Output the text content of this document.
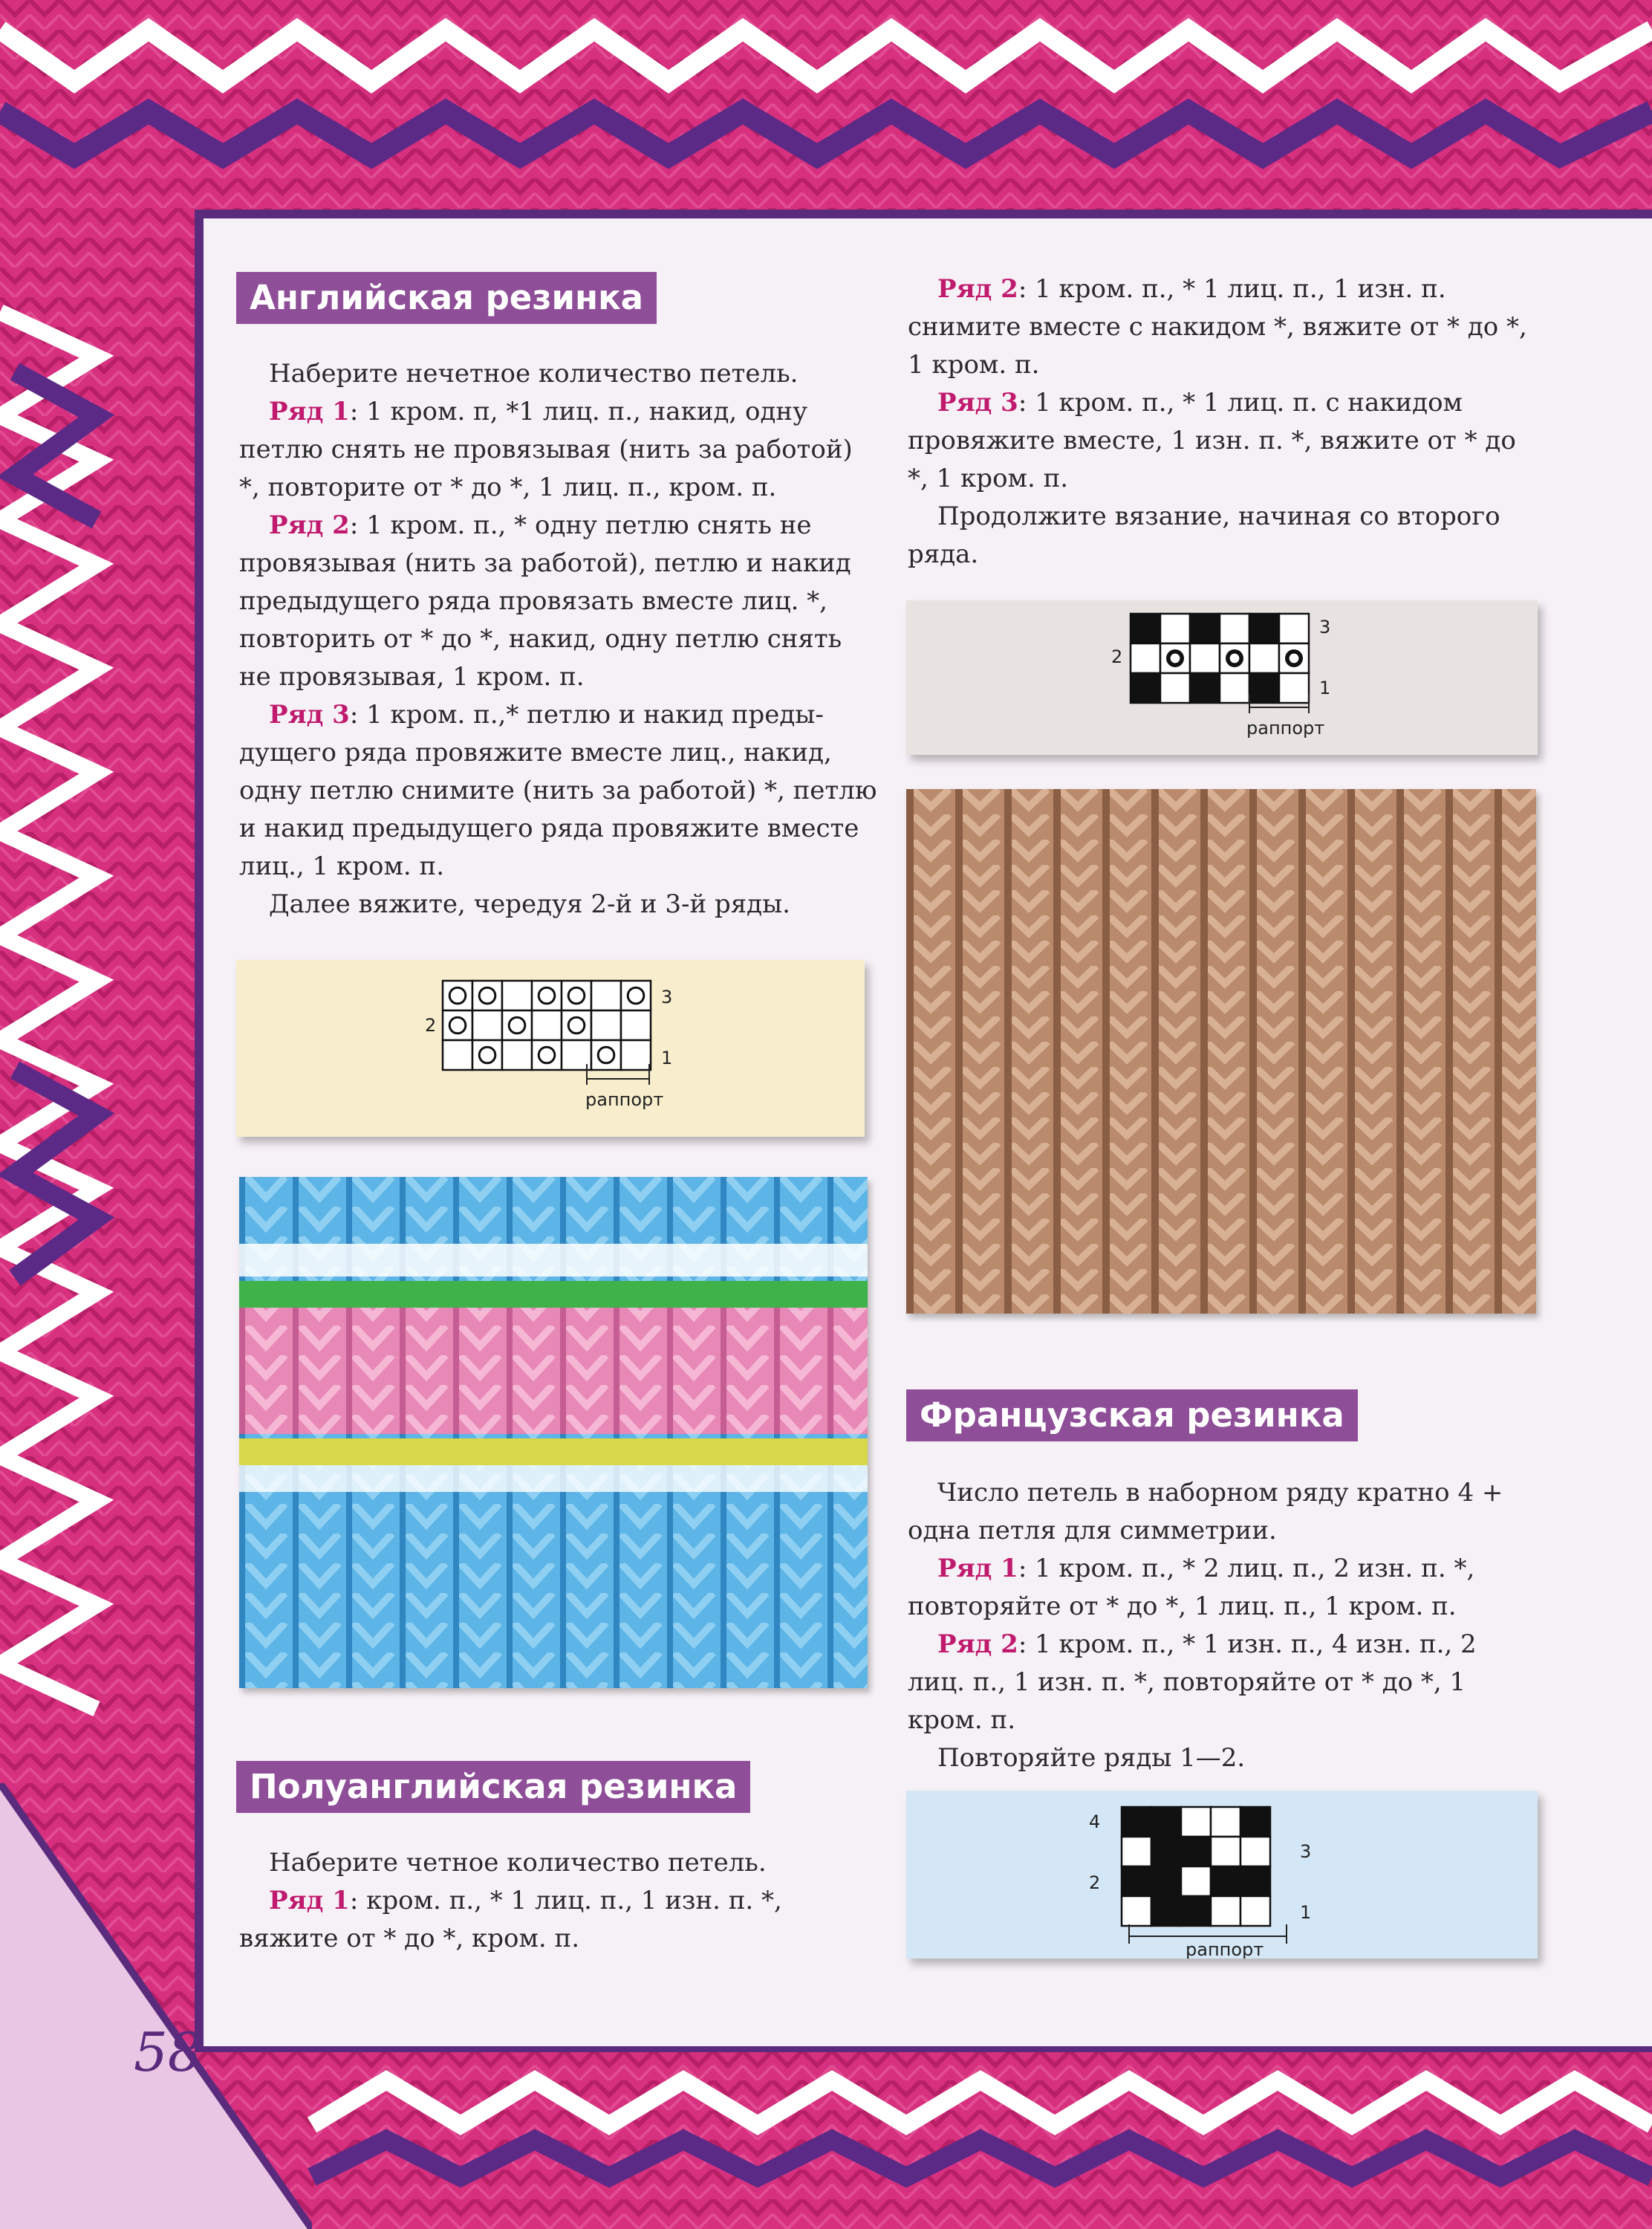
58
Английская резинка

Наберите нечетное количество петель.

Ряд 1: 1 кром. п, *1 лиц. п., накид, одну петлю снять не провязывая (нить за работой) *, повторите от * до *, 1 лиц. п., кром. п.

Ряд 2: 1 кром. п., * одну петлю снять не провязывая (нить за работой), петлю и накид предыдущего ряда провязать вместе лиц. *, повторить от * до *, накид, одну петлю снять не провязывая, 1 кром. п.

Ряд 3: 1 кром. п.,* петлю и накид предыдущего ряда провяжите вместе лиц., накид, одну петлю снимите (нить за работой) *, петлю и накид предыдущего ряда провяжите вместе лиц., 1 кром. п.

Далее вяжите, чередуя 2-й и 3-й ряды.

2
3
1
раппорт
Полуанглийская резинка

Наберите четное количество петель.

Ряд 1: кром. п., * 1 лиц. п., 1 изн. п. *, вяжите от * до *, кром. п.

Ряд 2: 1 кром. п., * 1 лиц. п., 1 изн. п. снимите вместе с накидом *, вяжите от * до *, 1 кром. п.

Ряд 3: 1 кром. п., * 1 лиц. п. с накидом провяжите вместе, 1 изн. п. *, вяжите от * до *, 1 кром. п.

Продолжите вязание, начиная со второго ряда.

2
3
1
раппорт
Французская резинка

Число петель в наборном ряду кратно 4 + одна петля для симметрии.

Ряд 1: 1 кром. п., * 2 лиц. п., 2 изн. п. *, повторяйте от * до *, 1 лиц. п., 1 кром. п.

Ряд 2: 1 кром. п., * 1 изн. п., 4 изн. п., 2 лиц. п., 1 изн. п. *, повторяйте от * до *, 1 кром. п.

Повторяйте ряды 1—2.

4
3
2
1
раппорт
